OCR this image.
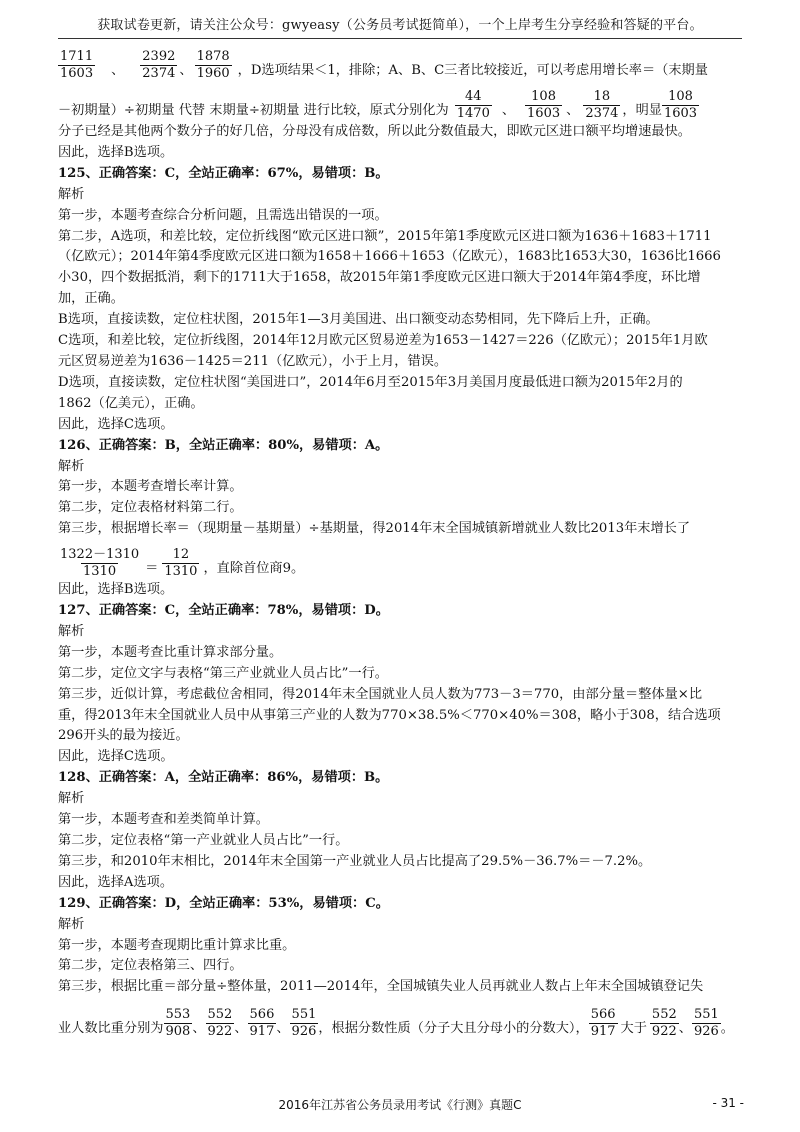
获取试卷更新，请关注公众号：gwyeasy（公务员考试挺简单），一个上岸考生分享经验和答疑的平台。
$\frac{1711}{1603}$ 、 $\frac{2392}{2374}$ 、 $\frac{1878}{1960}$ ，D选项结果＜1，排除；A、B、C三者比较接近，可以考虑用增长率＝（末期量
－初期量）÷初期量 代替 末期量÷初期量 进行比较，原式分别化为 $\frac{44}{1470}$ 、 $\frac{108}{1603}$ 、 $\frac{18}{2374}$ ，明显 $\frac{108}{1603}$
分子已经是其他两个数分子的好几倍，分母没有成倍数，所以此分数值最大，即欧元区进口额平均增速最快。
因此，选择B选项。
125、正确答案：C，全站正确率：67%，易错项：B。
解析
第一步，本题考查综合分析问题，且需选出错误的一项。
第二步，A选项，和差比较，定位折线图“欧元区进口额”，2015年第1季度欧元区进口额为1636＋1683＋1711
（亿欧元）；2014年第4季度欧元区进口额为1658＋1666＋1653（亿欧元），1683比1653大30，1636比1666
小30，四个数据抵消，剩下的1711大于1658，故2015年第1季度欧元区进口额大于2014年第4季度，环比增
加，正确。
B选项，直接读数，定位柱状图，2015年1—3月美国进、出口额变动态势相同，先下降后上升，正确。
C选项，和差比较，定位折线图，2014年12月欧元区贸易逆差为1653－1427＝226（亿欧元）；2015年1月欧
元区贸易逆差为1636－1425＝211（亿欧元），小于上月，错误。
D选项，直接读数，定位柱状图“美国进口”，2014年6月至2015年3月美国月度最低进口额为2015年2月的
1862（亿美元），正确。
因此，选择C选项。
126、正确答案：B，全站正确率：80%，易错项：A。
解析
第一步，本题考查增长率计算。
第二步，定位表格材料第二行。
第三步，根据增长率＝（现期量－基期量）÷基期量，得2014年末全国城镇新增就业人数比2013年末增长了
$\frac{1322-1310}{1310} = \frac{12}{1310}$ ，直除首位商9。
因此，选择B选项。
127、正确答案：C，全站正确率：78%，易错项：D。
解析
第一步，本题考查比重计算求部分量。
第二步，定位文字与表格“第三产业就业人员占比”一行。
第三步，近似计算，考虑截位舍相同，得2014年末全国就业人员人数为773－3＝770，由部分量＝整体量×比
重，得2013年末全国就业人员中从事第三产业的人数为770×38.5%＜770×40%＝308，略小于308，结合选项
296开头的最为接近。
因此，选择C选项。
128、正确答案：A，全站正确率：86%，易错项：B。
解析
第一步，本题考查和差类简单计算。
第二步，定位表格“第一产业就业人员占比”一行。
第三步，和2010年末相比，2014年末全国第一产业就业人员占比提高了29.5%－36.7%＝－7.2%。
因此，选择A选项。
129、正确答案：D，全站正确率：53%，易错项：C。
解析
第一步，本题考查现期比重计算求比重。
第二步，定位表格第三、四行。
第三步，根据比重＝部分量÷整体量，2011—2014年，全国城镇失业人员再就业人数占上年末全国城镇登记失
业人数比重分别为 $\frac{553}{908}$ 、 $\frac{552}{922}$ 、 $\frac{566}{917}$ 、 $\frac{551}{926}$ ，根据分数性质（分子大且分母小的分数大）， $\frac{566}{917}$ 大于 $\frac{552}{922}$ 、 $\frac{551}{926}$ 。
2016年江苏省公务员录用考试《行测》真题C	- 31 -
